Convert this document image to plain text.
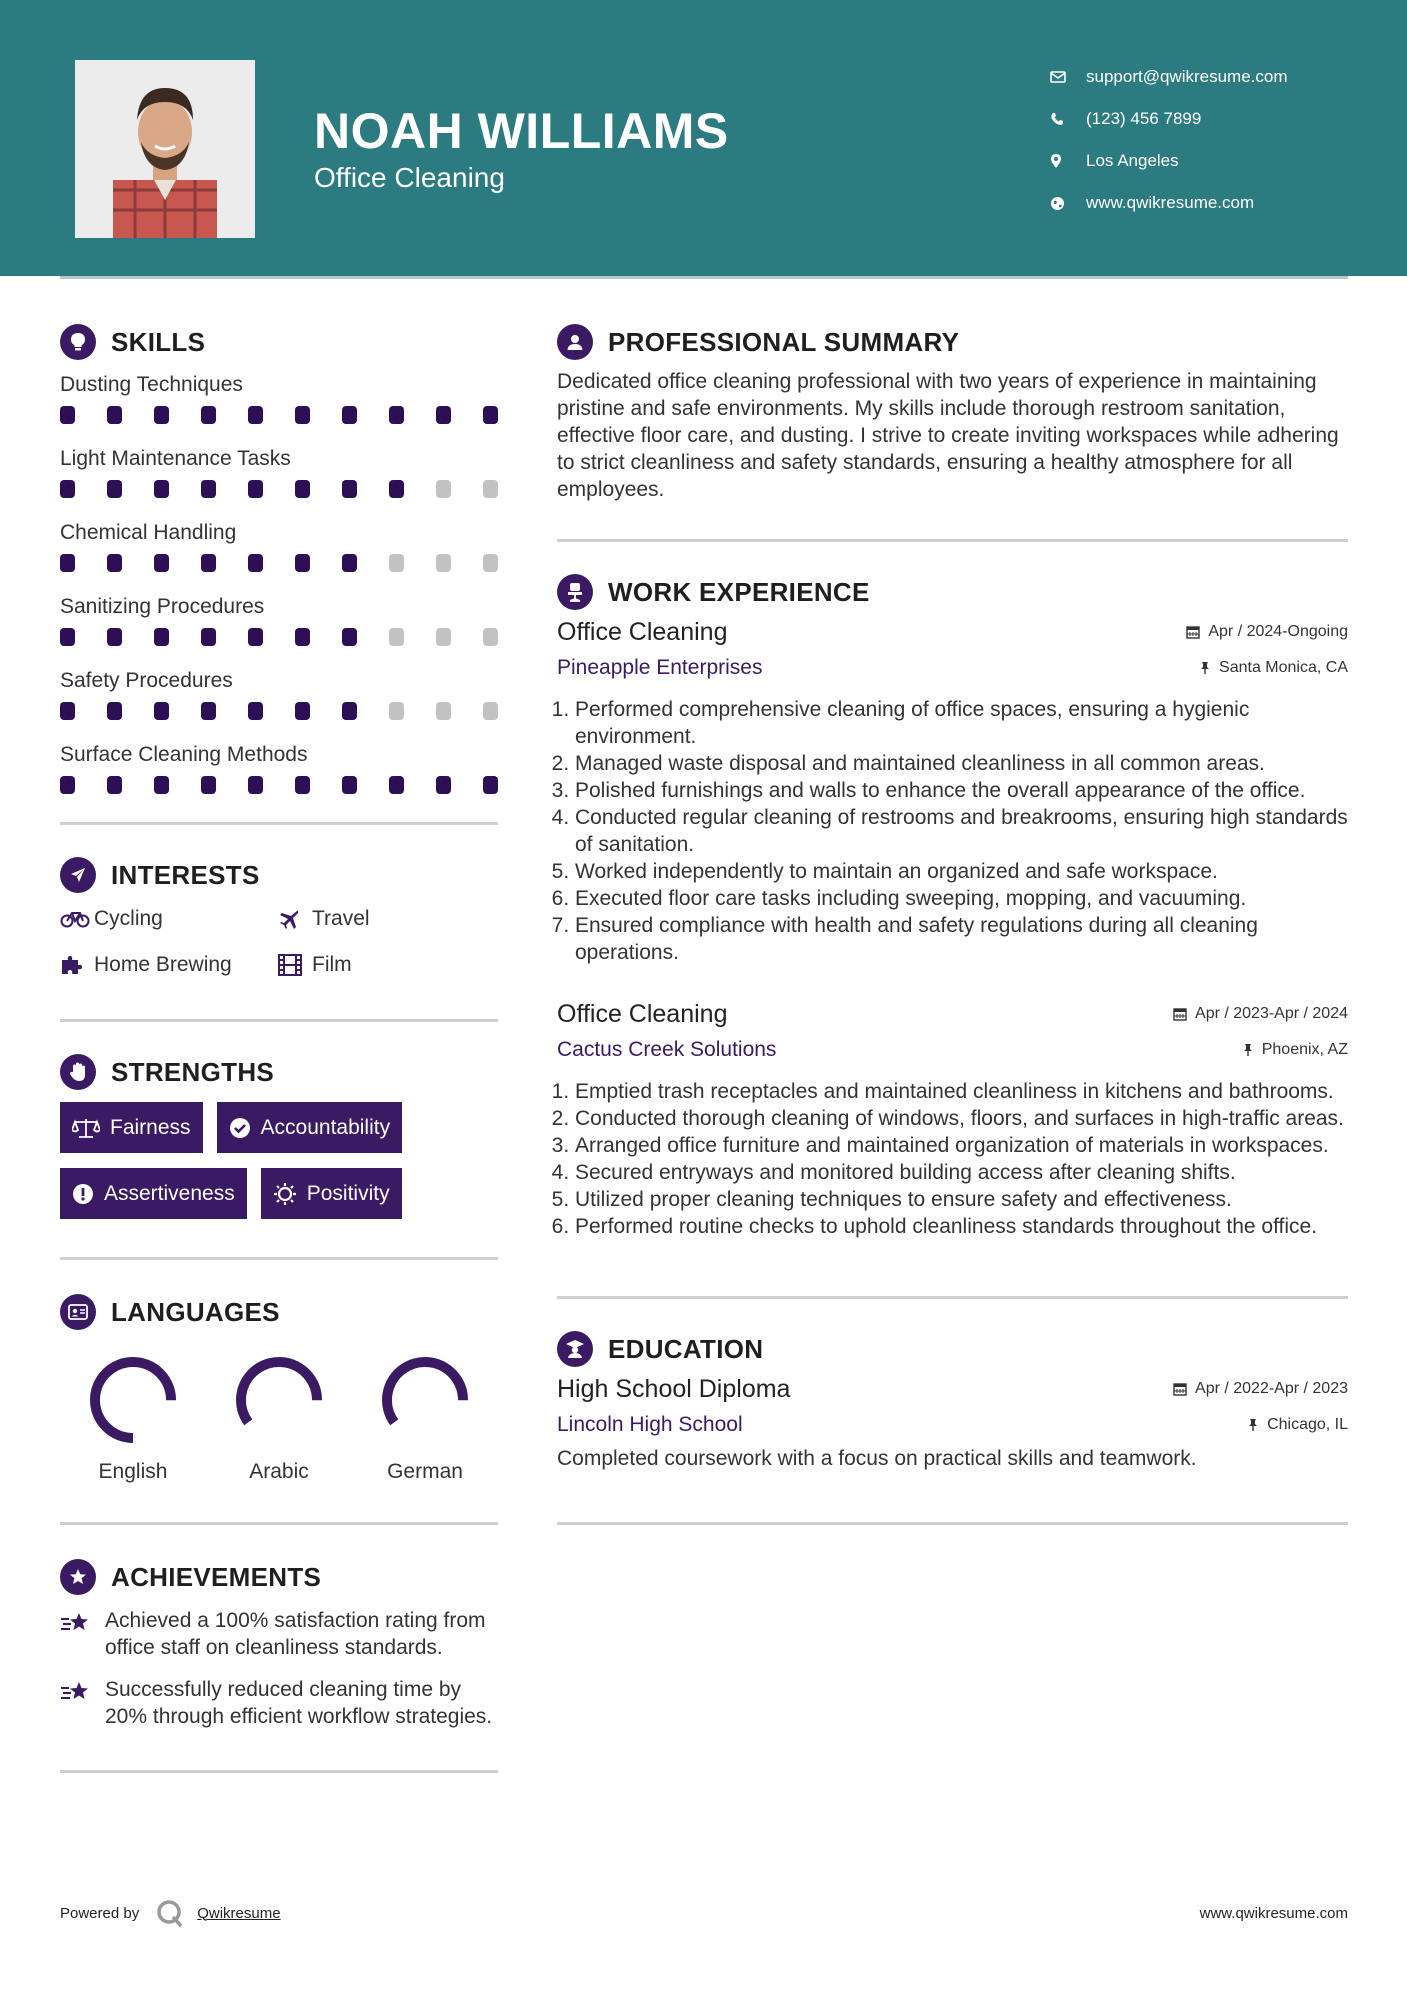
NOAH WILLIAMS
Office Cleaning
support@qwikresume.com
(123) 456 7899
Los Angeles
www.qwikresume.com
SKILLS
Dusting Techniques
Light Maintenance Tasks
Chemical Handling
Sanitizing Procedures
Safety Procedures
Surface Cleaning Methods
INTERESTS
Cycling	Travel
Home Brewing	Film
STRENGTHS
Fairness	Accountability
Assertiveness	Positivity
LANGUAGES
English	Arabic	German
ACHIEVEMENTS
Achieved a 100% satisfaction rating from office staff on cleanliness standards.
Successfully reduced cleaning time by 20% through efficient workflow strategies.
PROFESSIONAL SUMMARY

Dedicated office cleaning professional with two years of experience in maintaining pristine and safe environments. My skills include thorough restroom sanitation, effective floor care, and dusting. I strive to create inviting workspaces while adhering to strict cleanliness and safety standards, ensuring a healthy atmosphere for all employees.

WORK EXPERIENCE
Office Cleaning	Apr / 2024-Ongoing
Pineapple Enterprises	Santa Monica, CA
1. Performed comprehensive cleaning of office spaces, ensuring a hygienic environment.
2. Managed waste disposal and maintained cleanliness in all common areas.
3. Polished furnishings and walls to enhance the overall appearance of the office.
4. Conducted regular cleaning of restrooms and breakrooms, ensuring high standards of sanitation.
5. Worked independently to maintain an organized and safe workspace.
6. Executed floor care tasks including sweeping, mopping, and vacuuming.
7. Ensured compliance with health and safety regulations during all cleaning operations.
Office Cleaning	Apr / 2023-Apr / 2024
Cactus Creek Solutions	Phoenix, AZ
1. Emptied trash receptacles and maintained cleanliness in kitchens and bathrooms.
2. Conducted thorough cleaning of windows, floors, and surfaces in high-traffic areas.
3. Arranged office furniture and maintained organization of materials in workspaces.
4. Secured entryways and monitored building access after cleaning shifts.
5. Utilized proper cleaning techniques to ensure safety and effectiveness.
6. Performed routine checks to uphold cleanliness standards throughout the office.
EDUCATION
High School Diploma	Apr / 2022-Apr / 2023
Lincoln High School	Chicago, IL

Completed coursework with a focus on practical skills and teamwork.

Powered by	Qwikresume	www.qwikresume.com
